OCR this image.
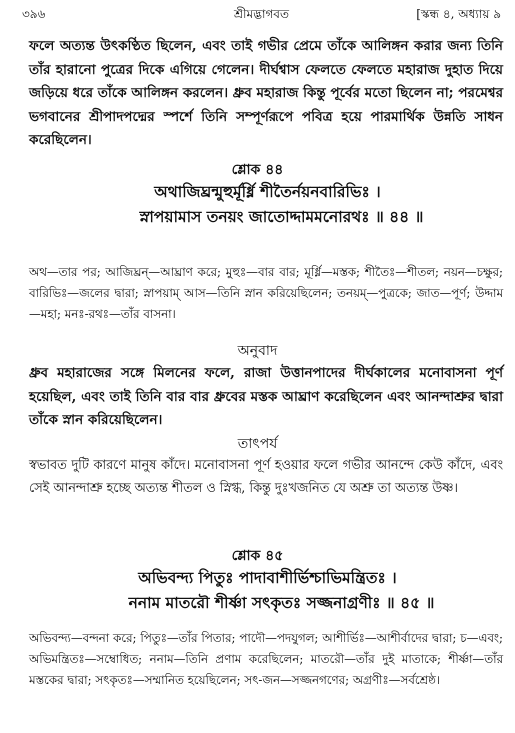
৩৯৬	শ্রীমদ্ভাগবত	[স্কন্ধ ৪, অধ্যায় ৯
ফলে অত্যন্ত উৎকণ্ঠিত ছিলেন, এবং তাই গভীর প্রেমে তাঁকে আলিঙ্গন করার জন্য তিনি তাঁর হারানো পুত্রের দিকে এগিয়ে গেলেন। দীর্ঘশ্বাস ফেলতে ফেলতে মহারাজ দুহাত দিয়ে জড়িয়ে ধরে তাঁকে আলিঙ্গন করলেন। ধ্রুব মহারাজ কিন্তু পূর্বের মতো ছিলেন না; পরমেশ্বর ভগবানের শ্রীপাদপদ্মের স্পর্শে তিনি সম্পূর্ণরূপে পবিত্র হয়ে পারমার্থিক উন্নতি সাধন করেছিলেন।
শ্লোক ৪৪
অথাজিঘ্রন্মুহুর্মূর্ধ্নি শীতৈর্নয়নবারিভিঃ ।
স্নাপয়ামাস তনয়ং জাতোদ্দামমনোরথঃ ॥ ৪৪ ॥
অথ—তার পর; আজিঘ্রন্—আঘ্রাণ করে; মুহুঃ—বার বার; মূর্ধ্নি—মস্তক; শীতৈঃ—শীতল; নয়ন—চক্ষুর; বারিভিঃ—জলের দ্বারা; স্নাপয়াম্ আস—তিনি স্নান করিয়েছিলেন; তনয়ম্—পুত্রকে; জাত—পূর্ণ; উদ্দাম—মহা; মনঃ-রথঃ—তাঁর বাসনা।
অনুবাদ
ধ্রুব মহারাজের সঙ্গে মিলনের ফলে, রাজা উত্তানপাদের দীর্ঘকালের মনোবাসনা পূর্ণ হয়েছিল, এবং তাই তিনি বার বার ধ্রুবের মস্তক আঘ্রাণ করেছিলেন এবং আনন্দাশ্রুর দ্বারা তাঁকে স্নান করিয়েছিলেন।
তাৎপর্য
স্বভাবত দুটি কারণে মানুষ কাঁদে। মনোবাসনা পূর্ণ হওয়ার ফলে গভীর আনন্দে কেউ কাঁদে, এবং সেই আনন্দাশ্রু হচ্ছে অত্যন্ত শীতল ও স্নিগ্ধ, কিন্তু দুঃখজনিত যে অশ্রু তা অত্যন্ত উষ্ণ।
শ্লোক ৪৫
অভিবন্দ্য পিতুঃ পাদাবাশীর্ভিশ্চাভিমন্ত্রিতঃ ।
ননাম মাতরৌ শীর্ষ্ণা সৎকৃতঃ সজ্জনাগ্রণীঃ ॥ ৪৫ ॥
অভিবন্দ্য—বন্দনা করে; পিতুঃ—তাঁর পিতার; পাদৌ—পদযুগল; আশীর্ভিঃ—আশীর্বাদের দ্বারা; চ—এবং; অভিমন্ত্রিতঃ—সম্বোধিত; ননাম—তিনি প্রণাম করেছিলেন; মাতরৌ—তাঁর দুই মাতাকে; শীর্ষ্ণা—তাঁর মস্তকের দ্বারা; সৎকৃতঃ—সম্মানিত হয়েছিলেন; সৎ-জন—সজ্জনগণের; অগ্রণীঃ—সর্বশ্রেষ্ঠ।
